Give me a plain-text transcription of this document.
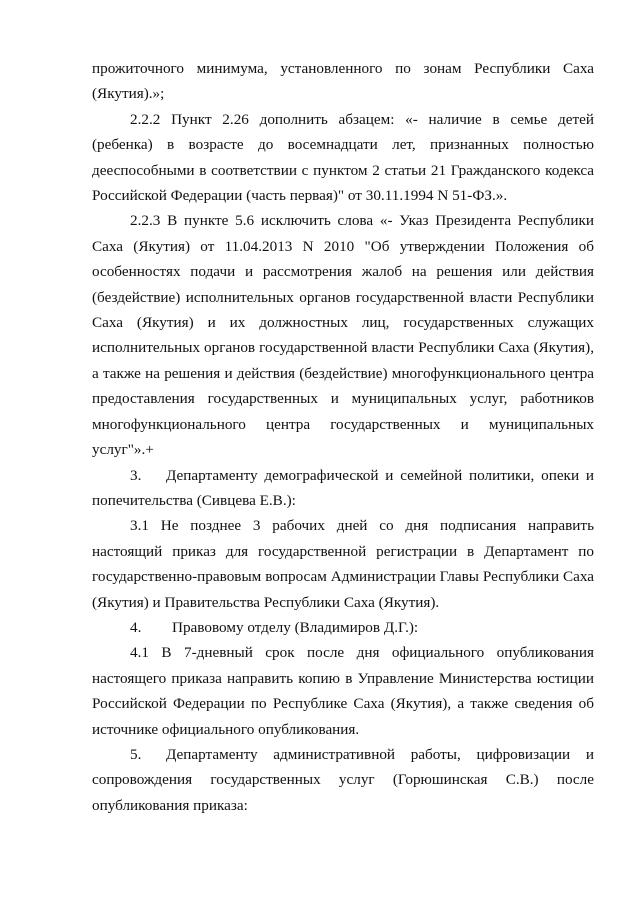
прожиточного минимума, установленного по зонам Республики Саха (Якутия).»;

2.2.2 Пункт 2.26 дополнить абзацем: «- наличие в семье детей (ребенка) в возрасте до восемнадцати лет, признанных полностью дееспособными в соответствии с пунктом 2 статьи 21 Гражданского кодекса Российской Федерации (часть первая)" от 30.11.1994 N 51-ФЗ.».

2.2.3 В пункте 5.6 исключить слова «- Указ Президента Республики Саха (Якутия) от 11.04.2013 N 2010 "Об утверждении Положения об особенностях подачи и рассмотрения жалоб на решения или действия (бездействие) исполнительных органов государственной власти Республики Саха (Якутия) и их должностных лиц, государственных служащих исполнительных органов государственной власти Республики Саха (Якутия), а также на решения и действия (бездействие) многофункционального центра предоставления государственных и муниципальных услуг, работников многофункционального центра государственных и муниципальных услуг"».+

3. Департаменту демографической и семейной политики, опеки и попечительства (Сивцева Е.В.):

3.1 Не позднее 3 рабочих дней со дня подписания направить настоящий приказ для государственной регистрации в Департамент по государственно-правовым вопросам Администрации Главы Республики Саха (Якутия) и Правительства Республики Саха (Якутия).

4. Правовому отделу (Владимиров Д.Г.):

4.1 В 7-дневный срок после дня официального опубликования настоящего приказа направить копию в Управление Министерства юстиции Российской Федерации по Республике Саха (Якутия), а также сведения об источнике официального опубликования.

5. Департаменту административной работы, цифровизации и сопровождения государственных услуг (Горюшинская С.В.) после опубликования приказа:
